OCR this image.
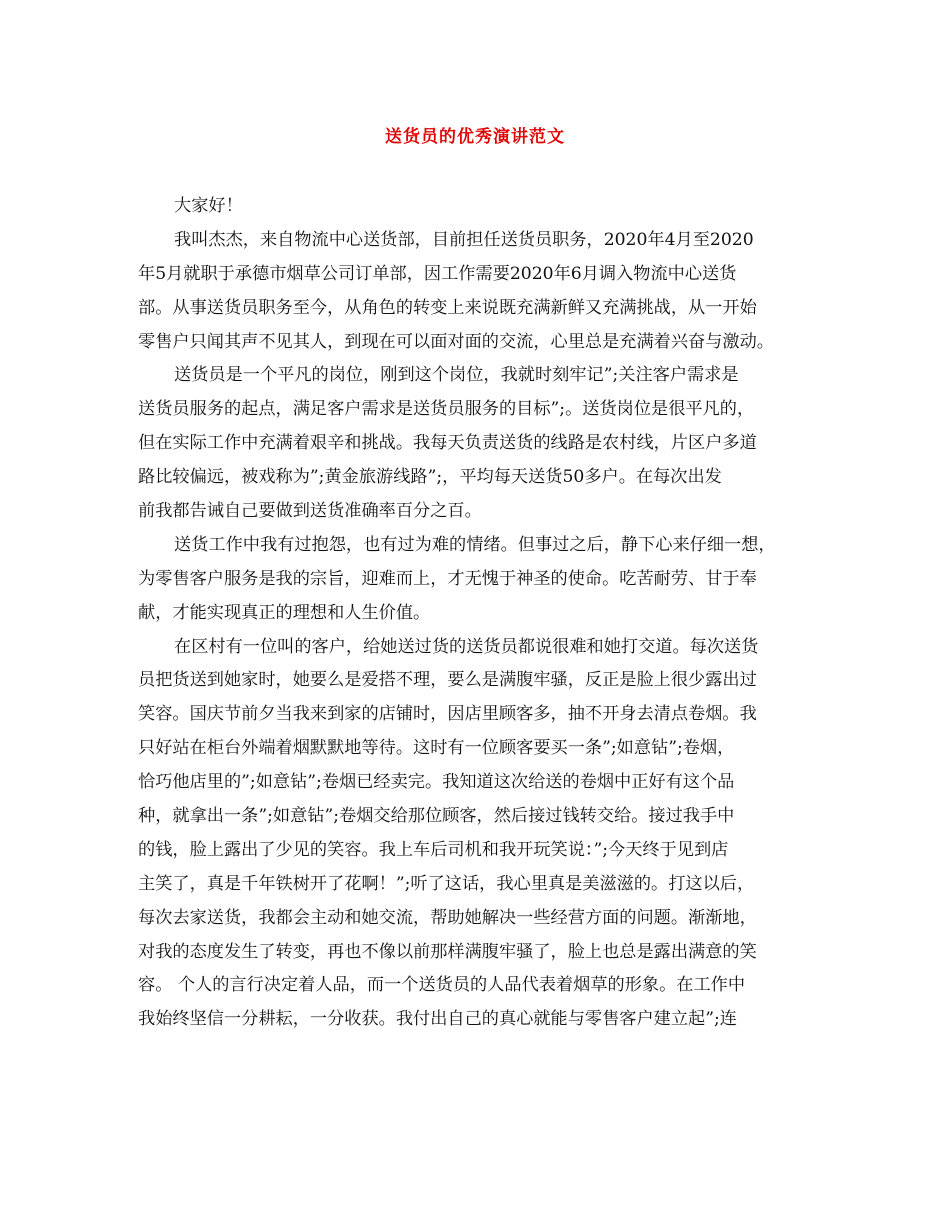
送货员的优秀演讲范文
大家好！
我叫杰杰，来自物流中心送货部，目前担任送货员职务，2020年4月至2020
年5月就职于承德市烟草公司订单部，因工作需要2020年6月调入物流中心送货
部。从事送货员职务至今，从角色的转变上来说既充满新鲜又充满挑战，从一开始
零售户只闻其声不见其人，到现在可以面对面的交流，心里总是充满着兴奋与激动。
送货员是一个平凡的岗位，刚到这个岗位，我就时刻牢记”;关注客户需求是
送货员服务的起点，满足客户需求是送货员服务的目标”;。送货岗位是很平凡的，
但在实际工作中充满着艰辛和挑战。我每天负责送货的线路是农村线，片区户多道
路比较偏远，被戏称为”;黄金旅游线路”;，平均每天送货50多户。在每次出发
前我都告诫自己要做到送货准确率百分之百。
送货工作中我有过抱怨，也有过为难的情绪。但事过之后，静下心来仔细一想，
为零售客户服务是我的宗旨，迎难而上，才无愧于神圣的使命。吃苦耐劳、甘于奉
献，才能实现真正的理想和人生价值。
在区村有一位叫的客户，给她送过货的送货员都说很难和她打交道。每次送货
员把货送到她家时，她要么是爱搭不理，要么是满腹牢骚，反正是脸上很少露出过
笑容。国庆节前夕当我来到家的店铺时，因店里顾客多，抽不开身去清点卷烟。我
只好站在柜台外端着烟默默地等待。这时有一位顾客要买一条”;如意钻”;卷烟，
恰巧他店里的”;如意钻”;卷烟已经卖完。我知道这次给送的卷烟中正好有这个品
种，就拿出一条”;如意钻”;卷烟交给那位顾客，然后接过钱转交给。接过我手中
的钱，脸上露出了少见的笑容。我上车后司机和我开玩笑说：”;今天终于见到店
主笑了，真是千年铁树开了花啊！”;听了这话，我心里真是美滋滋的。打这以后，
每次去家送货，我都会主动和她交流，帮助她解决一些经营方面的问题。渐渐地，
对我的态度发生了转变，再也不像以前那样满腹牢骚了，脸上也总是露出满意的笑
容。 个人的言行决定着人品，而一个送货员的人品代表着烟草的形象。在工作中
我始终坚信一分耕耘，一分收获。我付出自己的真心就能与零售客户建立起”;连
